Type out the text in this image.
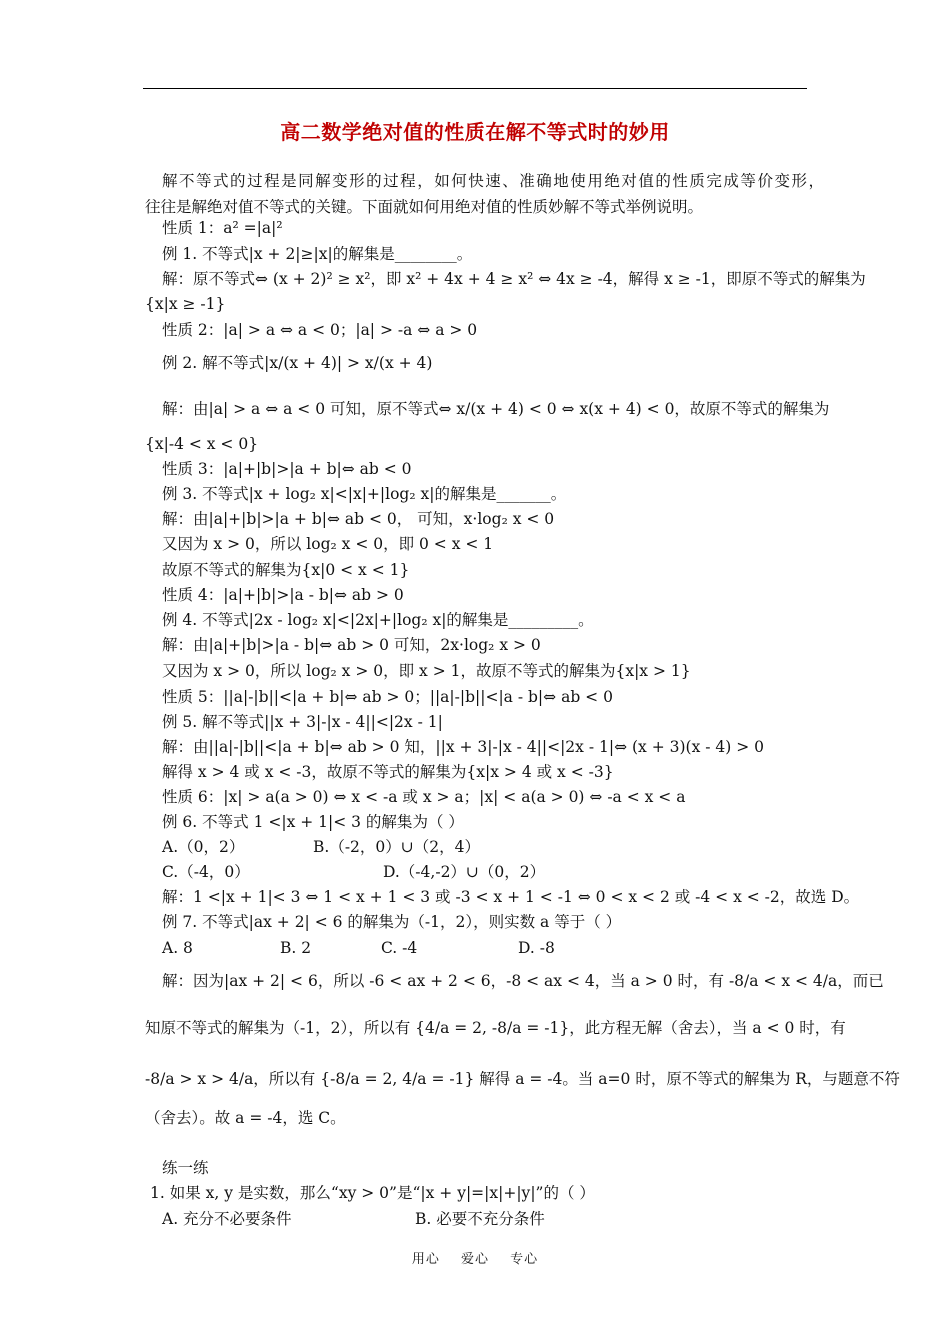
高二数学绝对值的性质在解不等式时的妙用
解不等式的过程是同解变形的过程，如何快速、准确地使用绝对值的性质完成等价变形，
往往是解绝对值不等式的关键。下面就如何用绝对值的性质妙解不等式举例说明。
性质 1：a² =|a|²
例 1. 不等式|x + 2|≥|x|的解集是________。
解：原不等式⇔ (x + 2)² ≥ x²，即 x² + 4x + 4 ≥ x² ⇔ 4x ≥ -4，解得 x ≥ -1，即原不等式的解集为
{x|x ≥ -1}
性质 2：|a| > a ⇔ a < 0；|a| > -a ⇔ a > 0
例 2. 解不等式|x/(x + 4)| > x/(x + 4)
解：由|a| > a ⇔ a < 0 可知，原不等式⇔ x/(x + 4) < 0 ⇔ x(x + 4) < 0，故原不等式的解集为
{x|-4 < x < 0}
性质 3：|a|+|b|>|a + b|⇔ ab < 0
例 3. 不等式|x + log₂ x|<|x|+|log₂ x|的解集是_______。
解：由|a|+|b|>|a + b|⇔ ab < 0， 可知，x·log₂ x < 0
又因为 x > 0，所以 log₂ x < 0，即 0 < x < 1
故原不等式的解集为{x|0 < x < 1}
性质 4：|a|+|b|>|a - b|⇔ ab > 0
例 4. 不等式|2x - log₂ x|<|2x|+|log₂ x|的解集是_________。
解：由|a|+|b|>|a - b|⇔ ab > 0 可知，2x·log₂ x > 0
又因为 x > 0，所以 log₂ x > 0，即 x > 1，故原不等式的解集为{x|x > 1}
性质 5：||a|-|b||<|a + b|⇔ ab > 0；||a|-|b||<|a - b|⇔ ab < 0
例 5. 解不等式||x + 3|-|x - 4||<|2x - 1|
解：由||a|-|b||<|a + b|⇔ ab > 0 知，||x + 3|-|x - 4||<|2x - 1|⇔ (x + 3)(x - 4) > 0
解得 x > 4 或 x < -3，故原不等式的解集为{x|x > 4 或 x < -3}
性质 6：|x| > a(a > 0) ⇔ x < -a 或 x > a；|x| < a(a > 0) ⇔ -a < x < a
例 6. 不等式 1 <|x + 1|< 3 的解集为（ ）
A.（0，2）	B.（-2，0）∪（2，4）
C.（-4，0）	D.（-4,-2）∪（0，2）
解：1 <|x + 1|< 3 ⇔ 1 < x + 1 < 3 或 -3 < x + 1 < -1 ⇔ 0 < x < 2 或 -4 < x < -2，故选 D。
例 7. 不等式|ax + 2| < 6 的解集为（-1，2），则实数 a 等于（ ）
A. 8	B. 2	C. -4	D. -8
解：因为|ax + 2| < 6，所以 -6 < ax + 2 < 6，-8 < ax < 4，当 a > 0 时，有 -8/a < x < 4/a，而已
知原不等式的解集为（-1，2），所以有 {4/a = 2, -8/a = -1}，此方程无解（舍去），当 a < 0 时，有
-8/a > x > 4/a，所以有 {-8/a = 2, 4/a = -1} 解得 a = -4。当 a=0 时，原不等式的解集为 R，与题意不符
（舍去）。故 a = -4，选 C。
练一练
1. 如果 x, y 是实数，那么“xy > 0”是“|x + y|=|x|+|y|”的（ ）
A. 充分不必要条件	B. 必要不充分条件
用心 爱心 专心
